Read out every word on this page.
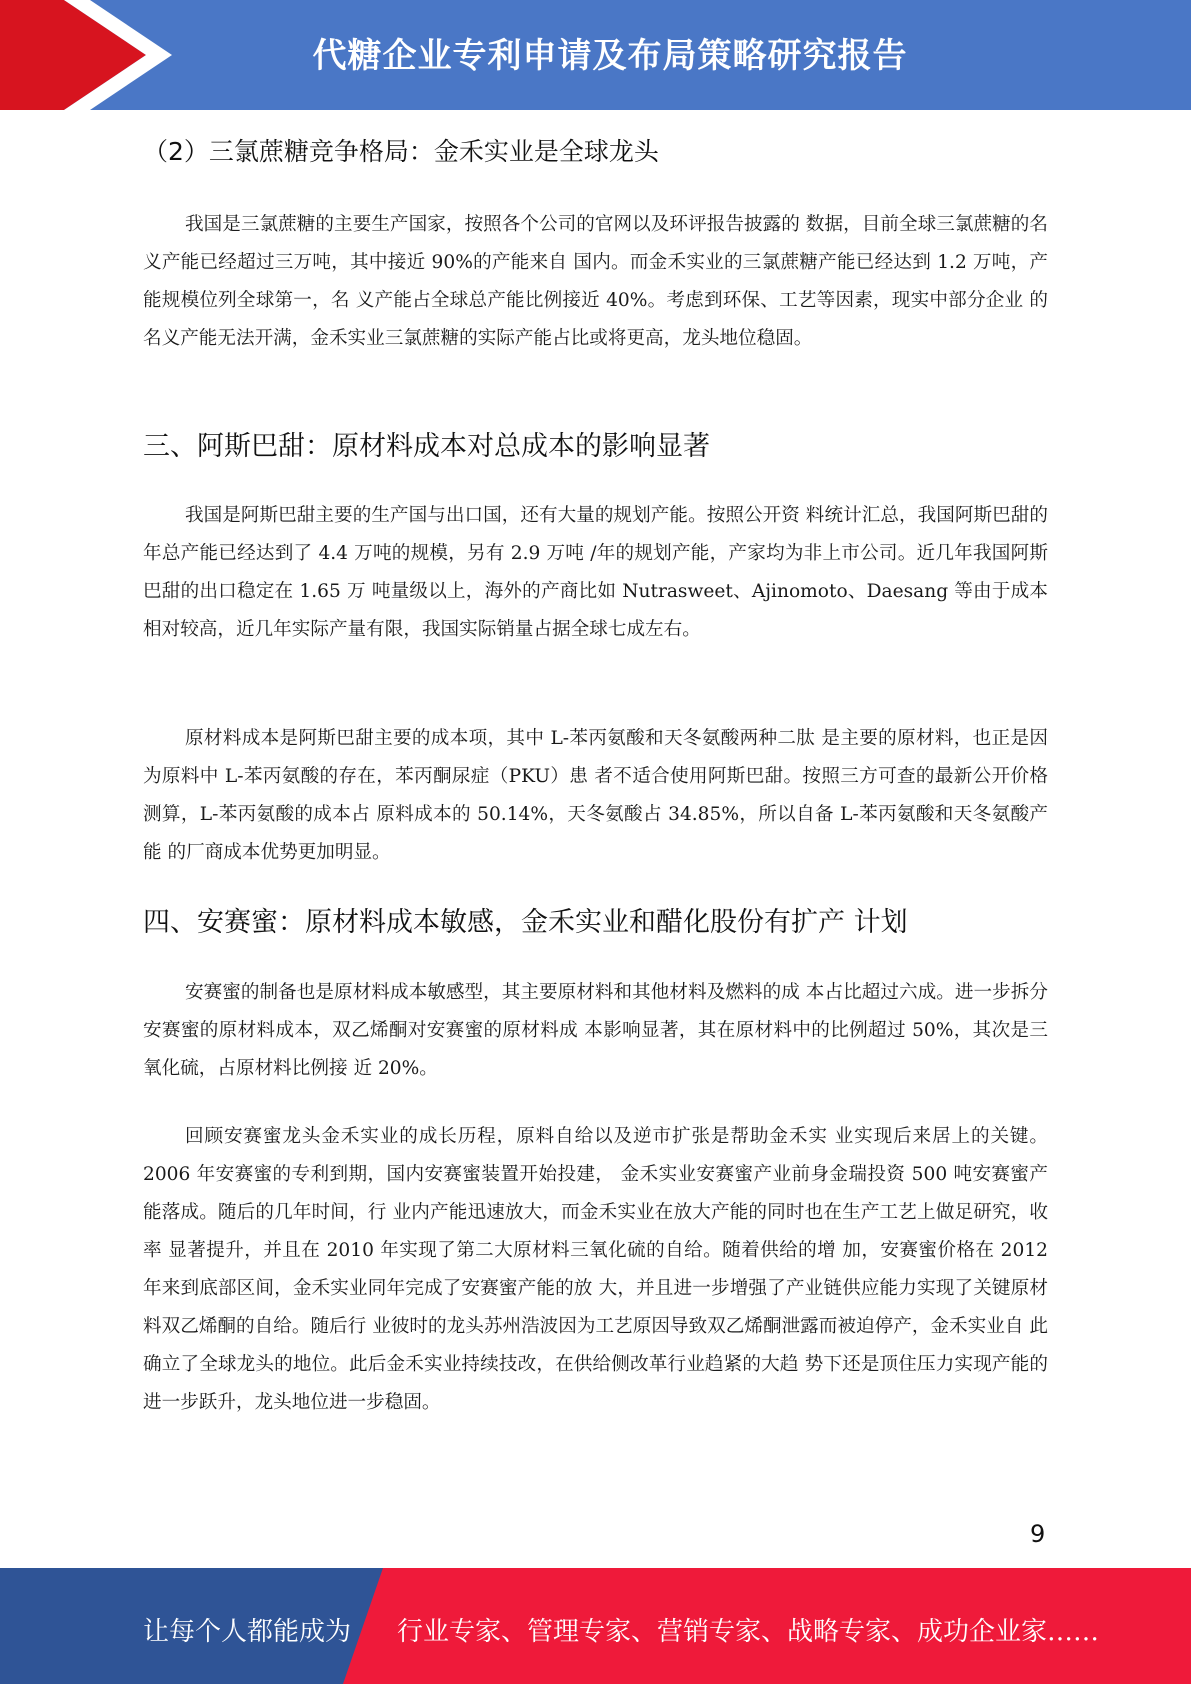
代糖企业专利申请及布局策略研究报告
（2）三氯蔗糖竞争格局：金禾实业是全球龙头
我国是三氯蔗糖的主要生产国家，按照各个公司的官网以及环评报告披露的 数据，目前全球三氯蔗糖的名义产能已经超过三万吨，其中接近 90%的产能来自 国内。而金禾实业的三氯蔗糖产能已经达到 1.2 万吨，产能规模位列全球第一，名 义产能占全球总产能比例接近 40%。考虑到环保、工艺等因素，现实中部分企业 的名义产能无法开满，金禾实业三氯蔗糖的实际产能占比或将更高，龙头地位稳固。
三、阿斯巴甜：原材料成本对总成本的影响显著
我国是阿斯巴甜主要的生产国与出口国，还有大量的规划产能。按照公开资 料统计汇总，我国阿斯巴甜的年总产能已经达到了 4.4 万吨的规模，另有 2.9 万吨 /年的规划产能，产家均为非上市公司。近几年我国阿斯巴甜的出口稳定在 1.65 万 吨量级以上，海外的产商比如 Nutrasweet、Ajinomoto、Daesang 等由于成本 相对较高，近几年实际产量有限，我国实际销量占据全球七成左右。
原材料成本是阿斯巴甜主要的成本项，其中 L-苯丙氨酸和天冬氨酸两种二肽 是主要的原材料，也正是因为原料中 L-苯丙氨酸的存在，苯丙酮尿症（PKU）患 者不适合使用阿斯巴甜。按照三方可查的最新公开价格测算，L-苯丙氨酸的成本占 原料成本的 50.14%，天冬氨酸占 34.85%，所以自备 L-苯丙氨酸和天冬氨酸产能 的厂商成本优势更加明显。
四、安赛蜜：原材料成本敏感，金禾实业和醋化股份有扩产 计划
安赛蜜的制备也是原材料成本敏感型，其主要原材料和其他材料及燃料的成 本占比超过六成。进一步拆分安赛蜜的原材料成本，双乙烯酮对安赛蜜的原材料成 本影响显著，其在原材料中的比例超过 50%，其次是三氧化硫，占原材料比例接 近 20%。
回顾安赛蜜龙头金禾实业的成长历程，原料自给以及逆市扩张是帮助金禾实 业实现后来居上的关键。2006 年安赛蜜的专利到期，国内安赛蜜装置开始投建， 金禾实业安赛蜜产业前身金瑞投资 500 吨安赛蜜产能落成。随后的几年时间，行 业内产能迅速放大，而金禾实业在放大产能的同时也在生产工艺上做足研究，收率 显著提升，并且在 2010 年实现了第二大原材料三氧化硫的自给。随着供给的增 加，安赛蜜价格在 2012 年来到底部区间，金禾实业同年完成了安赛蜜产能的放 大，并且进一步增强了产业链供应能力实现了关键原材料双乙烯酮的自给。随后行 业彼时的龙头苏州浩波因为工艺原因导致双乙烯酮泄露而被迫停产，金禾实业自 此确立了全球龙头的地位。此后金禾实业持续技改，在供给侧改革行业趋紧的大趋 势下还是顶住压力实现产能的进一步跃升，龙头地位进一步稳固。
9
让每个人都能成为 行业专家、管理专家、营销专家、战略专家、成功企业家……
